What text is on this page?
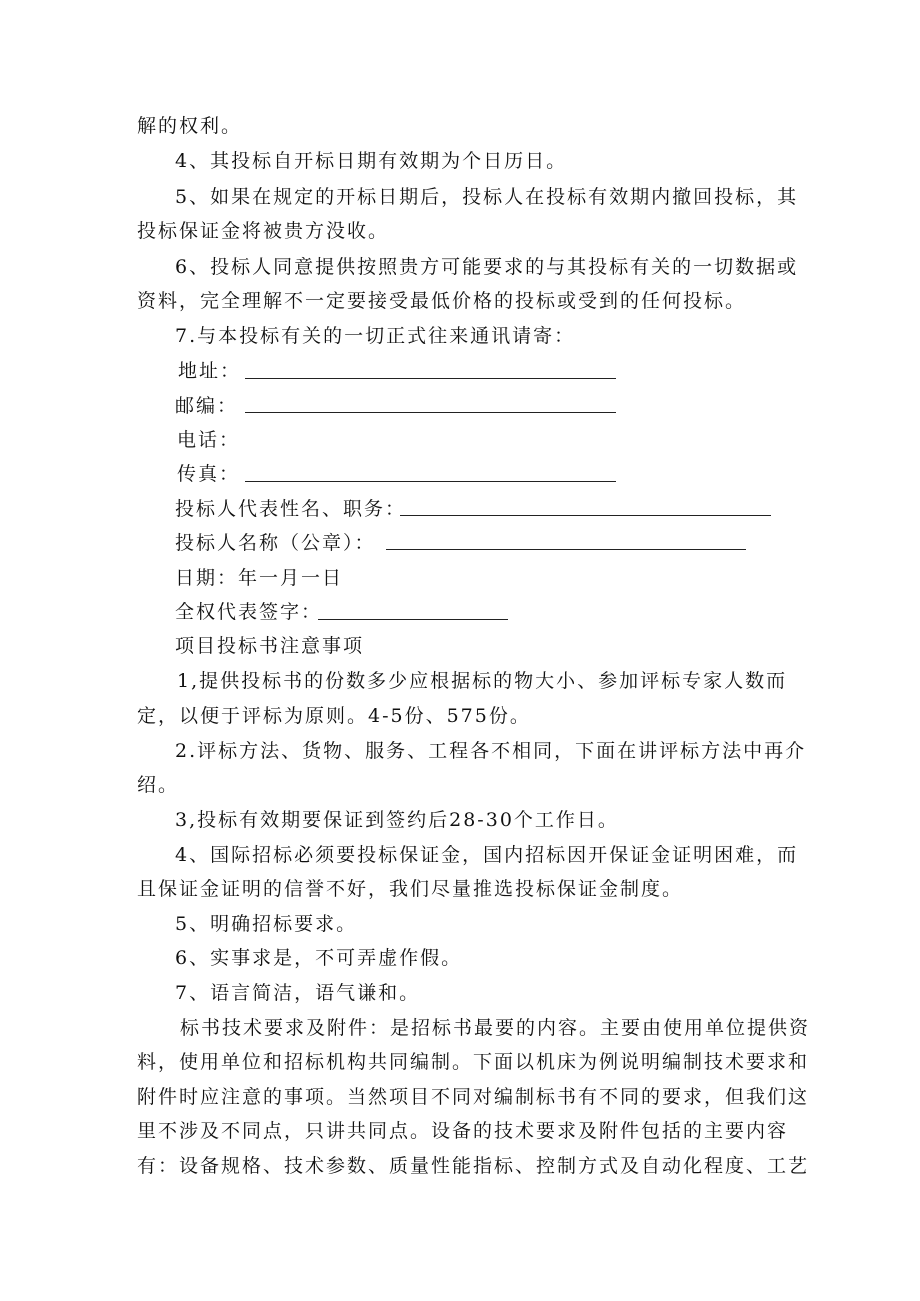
解的权利。
4、其投标自开标日期有效期为个日历日。
5、如果在规定的开标日期后，投标人在投标有效期内撤回投标，其
投标保证金将被贵方没收。
6、投标人同意提供按照贵方可能要求的与其投标有关的一切数据或
资料，完全理解不一定要接受最低价格的投标或受到的任何投标。
7.与本投标有关的一切正式往来通讯请寄：
地址：
邮编：
电话：
传真：
投标人代表性名、职务：
投标人名称（公章）：
日期：年一月一日
全权代表签字：
项目投标书注意事项
1,提供投标书的份数多少应根据标的物大小、参加评标专家人数而
定，以便于评标为原则。4-5份、575份。
2.评标方法、货物、服务、工程各不相同，下面在讲评标方法中再介
绍。
3,投标有效期要保证到签约后28-30个工作日。
4、国际招标必须要投标保证金，国内招标因开保证金证明困难，而
且保证金证明的信誉不好，我们尽量推选投标保证金制度。
5、明确招标要求。
6、实事求是，不可弄虚作假。
7、语言简洁，语气谦和。
标书技术要求及附件：是招标书最要的内容。主要由使用单位提供资
料，使用单位和招标机构共同编制。下面以机床为例说明编制技术要求和
附件时应注意的事项。当然项目不同对编制标书有不同的要求，但我们这
里不涉及不同点，只讲共同点。设备的技术要求及附件包括的主要内容
有：设备规格、技术参数、质量性能指标、控制方式及自动化程度、工艺
